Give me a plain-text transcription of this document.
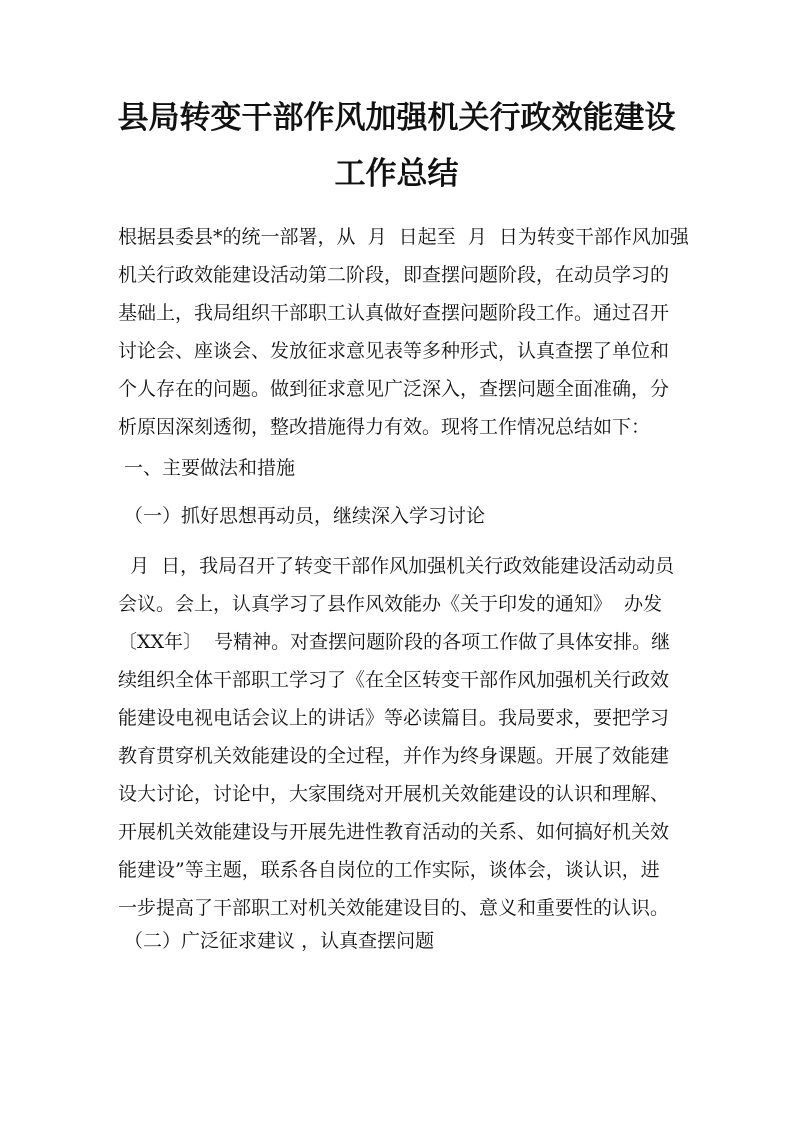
县局转变干部作风加强机关行政效能建设
工作总结
根据县委县*的统一部署，从  月  日起至  月  日为转变干部作风加强
机关行政效能建设活动第二阶段，即查摆问题阶段，在动员学习的
基础上，我局组织干部职工认真做好查摆问题阶段工作。通过召开
讨论会、座谈会、发放征求意见表等多种形式，认真查摆了单位和
个人存在的问题。做到征求意见广泛深入，查摆问题全面准确，分
析原因深刻透彻，整改措施得力有效。现将工作情况总结如下：
一、主要做法和措施
（一）抓好思想再动员，继续深入学习讨论
月  日，我局召开了转变干部作风加强机关行政效能建设活动动员
会议。会上，认真学习了县作风效能办《关于印发的通知》  办发
〔XX年〕  号精神。对查摆问题阶段的各项工作做了具体安排。继
续组织全体干部职工学习了《在全区转变干部作风加强机关行政效
能建设电视电话会议上的讲话》等必读篇目。我局要求，要把学习
教育贯穿机关效能建设的全过程，并作为终身课题。开展了效能建
设大讨论，讨论中，大家围绕对开展机关效能建设的认识和理解、
开展机关效能建设与开展先进性教育活动的关系、如何搞好机关效
能建设”等主题，联系各自岗位的工作实际，谈体会，谈认识，进
一步提高了干部职工对机关效能建设目的、意义和重要性的认识。
（二）广泛征求建议 ，认真查摆问题
